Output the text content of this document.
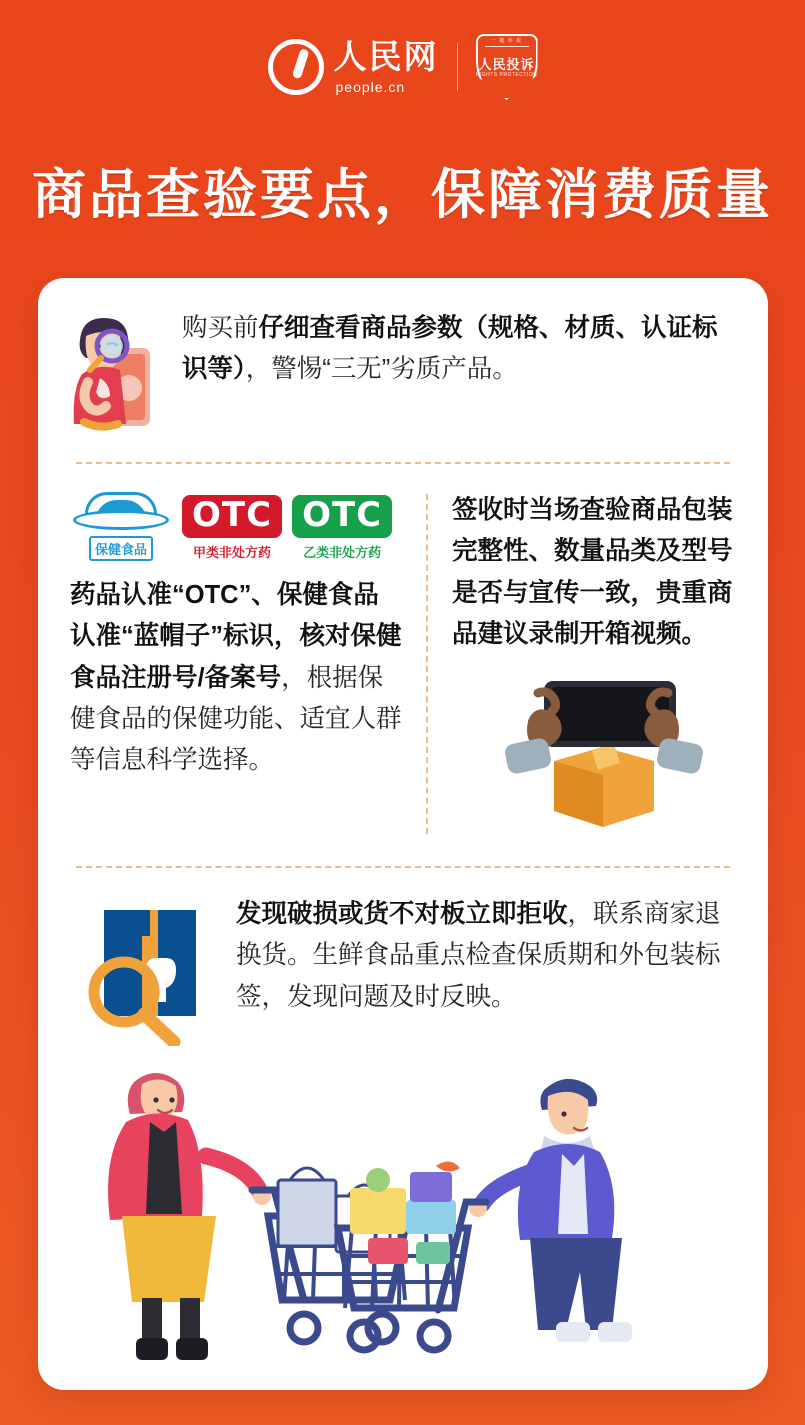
人民网
people.cn
一 键 举 报
人民投诉
RIGHTS PROTECTION
商品查验要点，保障消费质量
购买前仔细查看商品参数（规格、材质、认证标识等），警惕“三无”劣质产品。
保健食品
OTC
甲类非处方药
OTC
乙类非处方药
药品认准“OTC”、保健食品认准“蓝帽子”标识，核对保健食品注册号/备案号，根据保健食品的保健功能、适宜人群等信息科学选择。
签收时当场查验商品包装完整性、数量品类及型号是否与宣传一致，贵重商品建议录制开箱视频。
发现破损或货不对板立即拒收，联系商家退换货。生鲜食品重点检查保质期和外包装标签，发现问题及时反映。
